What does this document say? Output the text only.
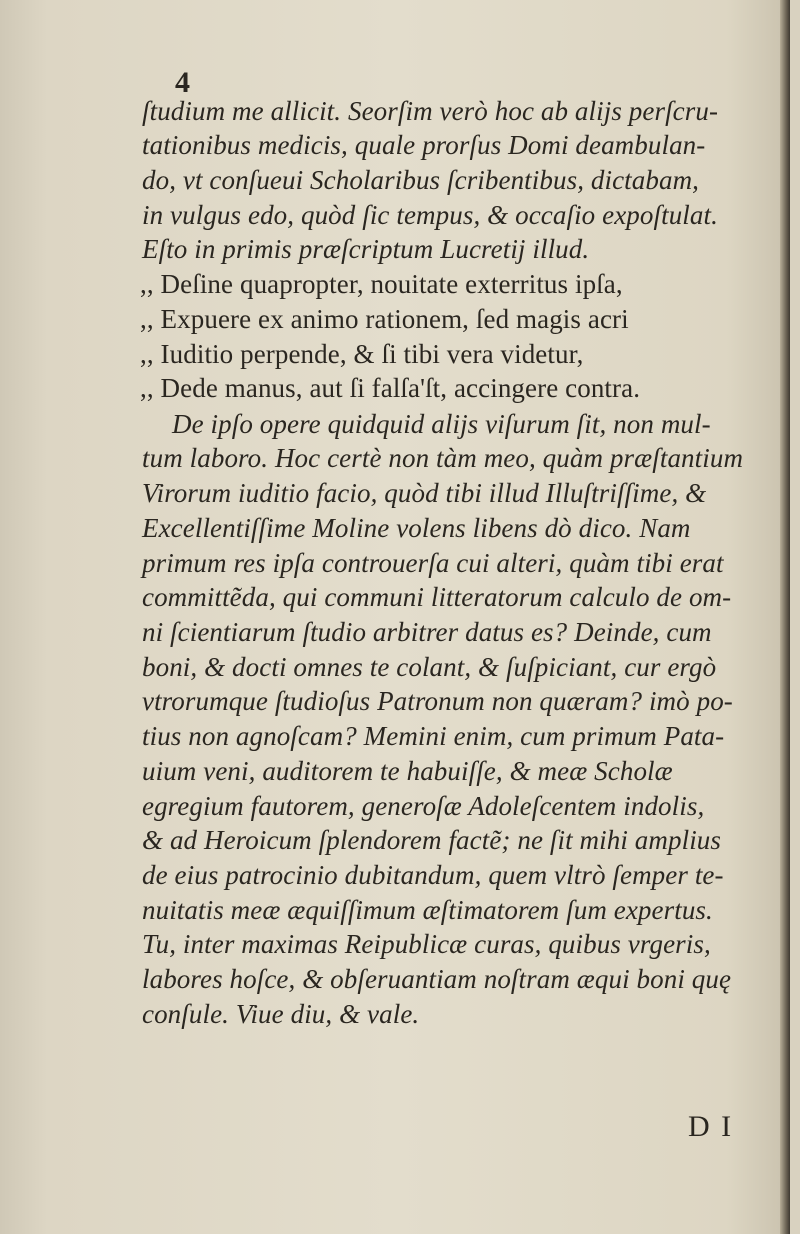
4
ſtudium me allicit. Seorſim verò hoc ab alijs perſcru-
tationibus medicis, quale prorſus Domi deambulan-
do, vt conſueui Scholaribus ſcribentibus, dictabam,
in vulgus edo, quòd ſic tempus, & occaſio expoſtulat.
Eſto in primis præſcriptum Lucretij illud.
,, Deſine quapropter, nouitate exterritus ipſa,
,, Expuere ex animo rationem, ſed magis acri
,, Iuditio perpende, & ſi tibi vera videtur,
,, Dede manus, aut ſi falſa'ſt, accingere contra.
De ipſo opere quidquid alijs viſurum ſit, non mul-
tum laboro. Hoc certè non tàm meo, quàm præſtantium
Virorum iuditio facio, quòd tibi illud Illuſtriſſime, &
Excellentiſſime Moline volens libens dò dico. Nam
primum res ipſa controuerſa cui alteri, quàm tibi erat
committẽda, qui communi litteratorum calculo de om-
ni ſcientiarum ſtudio arbitrer datus es? Deinde, cum
boni, & docti omnes te colant, & ſuſpiciant, cur ergò
vtrorumque ſtudioſus Patronum non quæram? imò po-
tius non agnoſcam? Memini enim, cum primum Pata-
uium veni, auditorem te habuiſſe, & meæ Scholæ
egregium fautorem, generoſæ Adoleſcentem indolis,
& ad Heroicum ſplendorem factẽ; ne ſit mihi amplius
de eius patrocinio dubitandum, quem vltrò ſemper te-
nuitatis meæ æquiſſimum æſtimatorem ſum expertus.
Tu, inter maximas Reipublicæ curas, quibus vrgeris,
labores hoſce, & obſeruantiam noſtram æqui boni quę
conſule. Viue diu, & vale.
D I
